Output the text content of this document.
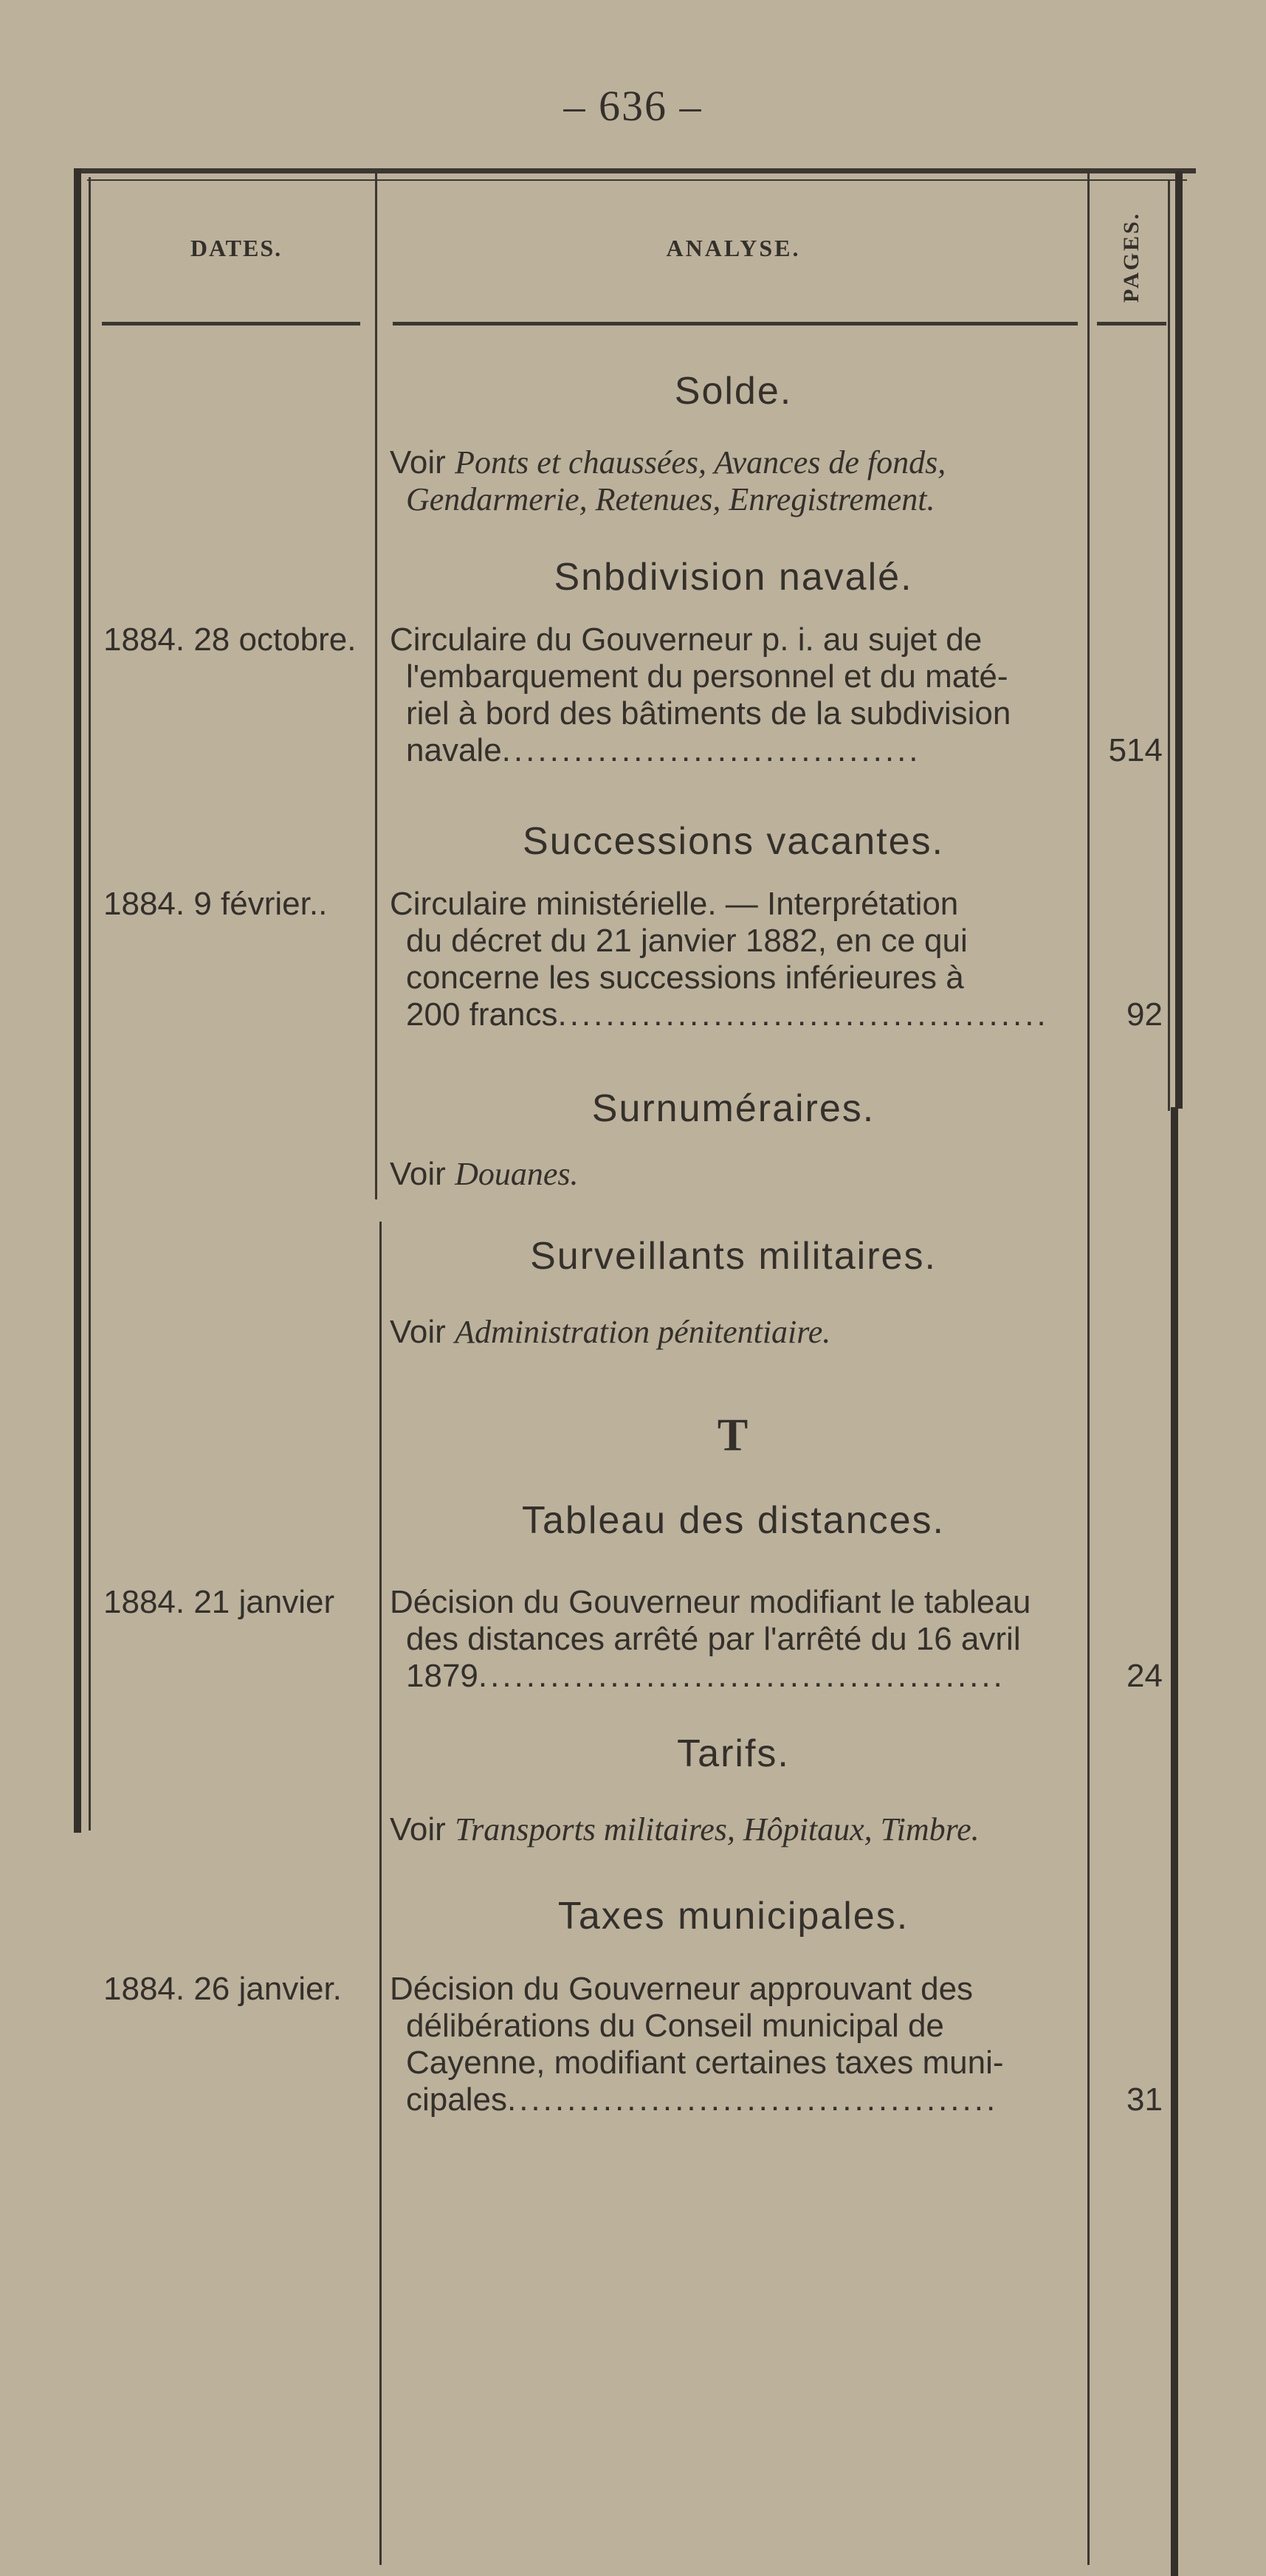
– 636 –
DATES.	ANALYSE.	PAGES.
Solde.
Voir Ponts et chaussées, Avances de fonds,
Gendarmerie, Retenues, Enregistrement.
Snbdivision navalé.
1884. 28 octobre.	Circulaire du Gouverneur p. i. au sujet de
l'embarquement du personnel et du maté-
riel à bord des bâtiments de la subdivision
navale...................................	514
Successions vacantes.
1884. 9 février..	Circulaire ministérielle. — Interprétation
du décret du 21 janvier 1882, en ce qui
concerne les successions inférieures à
200 francs.........................................	92
Surnuméraires.
Voir Douanes.
Surveillants militaires.
Voir Administration pénitentiaire.
T
Tableau des distances.
1884. 21 janvier	Décision du Gouverneur modifiant le tableau
des distances arrêté par l'arrêté du 16 avril
1879............................................	24
Tarifs.
Voir Transports militaires, Hôpitaux, Timbre.
Taxes municipales.
1884. 26 janvier.	Décision du Gouverneur approuvant des
délibérations du Conseil municipal de
Cayenne, modifiant certaines taxes muni-
cipales.........................................	31
